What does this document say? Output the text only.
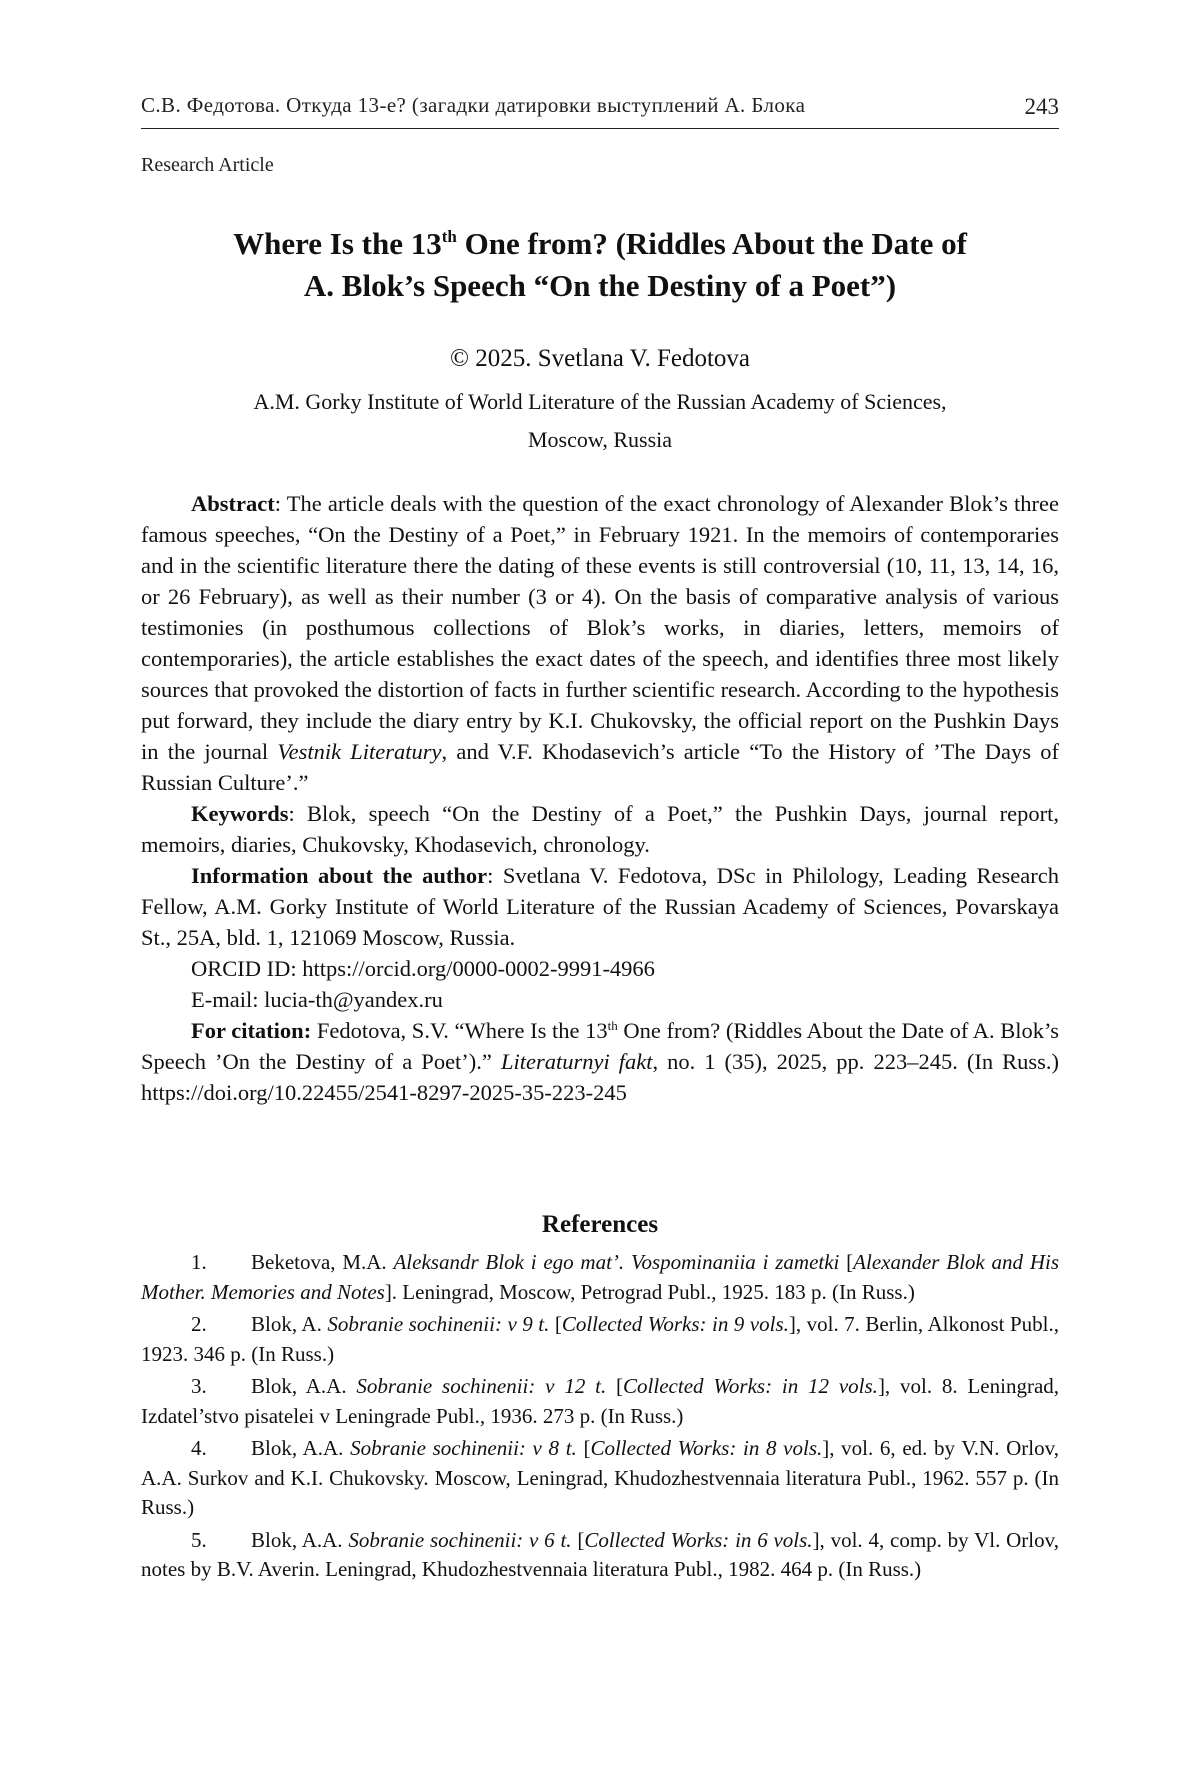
С.В. Федотова. Откуда 13-е? (загадки датировки выступлений А. Блока	243
Research Article
Where Is the 13th One from? (Riddles About the Date of
A. Blok’s Speech “On the Destiny of a Poet”)
© 2025. Svetlana V. Fedotova
A.M. Gorky Institute of World Literature of the Russian Academy of Sciences,
Moscow, Russia

Abstract: The article deals with the question of the exact chronology of Alexander Blok’s three famous speeches, “On the Destiny of a Poet,” in February 1921. In the memoirs of contemporaries and in the scientific literature there the dating of these events is still controversial (10, 11, 13, 14, 16, or 26 February), as well as their number (3 or 4). On the basis of comparative analysis of various testimonies (in posthumous collections of Blok’s works, in diaries, letters, memoirs of contemporaries), the article establishes the exact dates of the speech, and identifies three most likely sources that provoked the distortion of facts in further scientific research. According to the hypothesis put forward, they include the diary entry by K.I. Chukovsky, the official report on the Pushkin Days in the journal Vestnik Literatury, and V.F. Khodasevich’s article “To the History of ’The Days of Russian Culture’.”

Keywords: Blok, speech “On the Destiny of a Poet,” the Pushkin Days, journal report, memoirs, diaries, Chukovsky, Khodasevich, chronology.

Information about the author: Svetlana V. Fedotova, DSc in Philology, Leading Research Fellow, A.M. Gorky Institute of World Literature of the Russian Academy of Sciences, Povarskaya St., 25A, bld. 1, 121069 Moscow, Russia.

ORCID ID: https://orcid.org/0000-0002-9991-4966

E-mail: lucia-th@yandex.ru

For citation: Fedotova, S.V. “Where Is the 13th One from? (Riddles About the Date of A. Blok’s Speech ’On the Destiny of a Poet’).” Literaturnyi fakt, no. 1 (35), 2025, pp. 223–245. (In Russ.) https://doi.org/10.22455/2541-8297-2025-35-223-245

References

1. Beketova, M.A. Aleksandr Blok i ego mat’. Vospominaniia i zametki [Alexander Blok and His Mother. Memories and Notes]. Leningrad, Moscow, Petrograd Publ., 1925. 183 p. (In Russ.)

2. Blok, A. Sobranie sochinenii: v 9 t. [Collected Works: in 9 vols.], vol. 7. Berlin, Alkonost Publ., 1923. 346 p. (In Russ.)

3. Blok, A.A. Sobranie sochinenii: v 12 t. [Collected Works: in 12 vols.], vol. 8. Leningrad, Izdatel’stvo pisatelei v Leningrade Publ., 1936. 273 p. (In Russ.)

4. Blok, A.A. Sobranie sochinenii: v 8 t. [Collected Works: in 8 vols.], vol. 6, ed. by V.N. Orlov, A.A. Surkov and K.I. Chukovsky. Moscow, Leningrad, Khudozhestvennaia literatura Publ., 1962. 557 p. (In Russ.)

5. Blok, A.A. Sobranie sochinenii: v 6 t. [Collected Works: in 6 vols.], vol. 4, comp. by Vl. Orlov, notes by B.V. Averin. Leningrad, Khudozhestvennaia literatura Publ., 1982. 464 p. (In Russ.)
